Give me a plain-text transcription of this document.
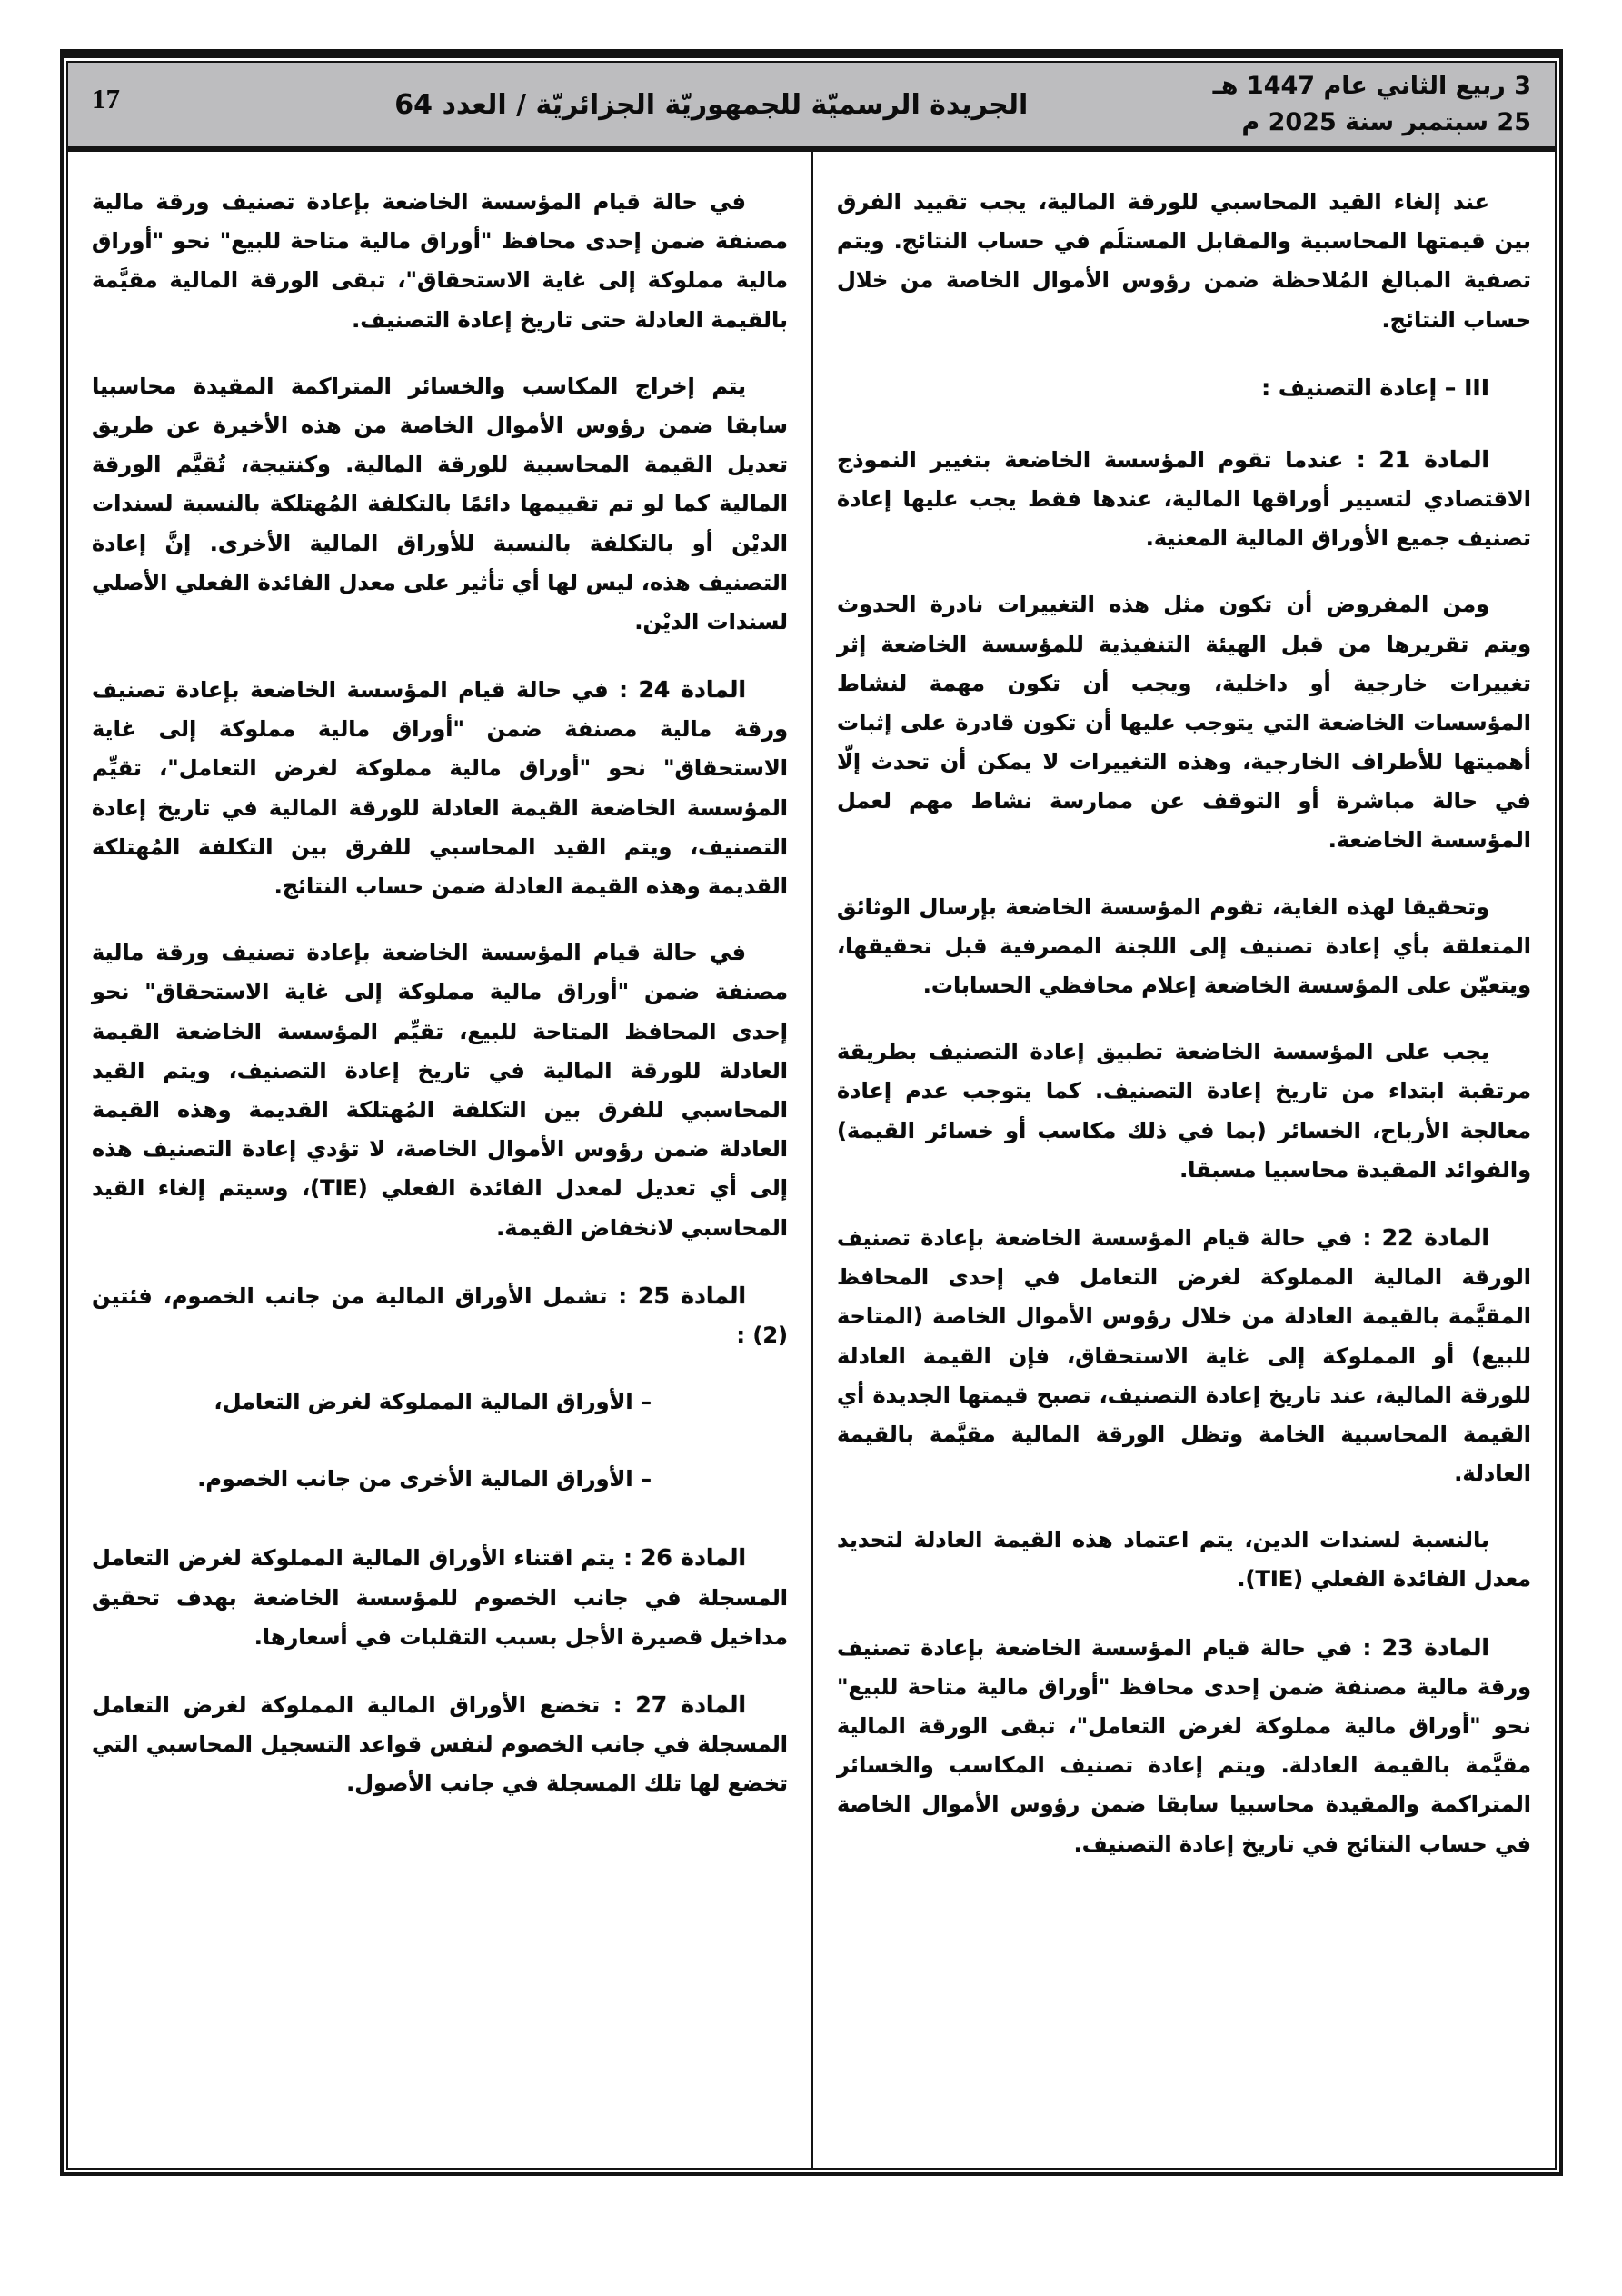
3 ربيع الثاني عام 1447 هـ
25 سبتمبر سنة 2025 م
الجريدة الرسميّة للجمهوريّة الجزائريّة / العدد 64
17

عند إلغاء القيد المحاسبي للورقة المالية، يجب تقييد الفرق بين قيمتها المحاسبية والمقابل المستلَم في حساب النتائج. ويتم تصفية المبالغ المُلاحظة ضمن رؤوس الأموال الخاصة من خلال حساب النتائج.

III – إعادة التصنيف :

المادة 21 : عندما تقوم المؤسسة الخاضعة بتغيير النموذج الاقتصادي لتسيير أوراقها المالية، عندها فقط يجب عليها إعادة تصنيف جميع الأوراق المالية المعنية.

ومن المفروض أن تكون مثل هذه التغييرات نادرة الحدوث ويتم تقريرها من قبل الهيئة التنفيذية للمؤسسة الخاضعة إثر تغييرات خارجية أو داخلية، ويجب أن تكون مهمة لنشاط المؤسسات الخاضعة التي يتوجب عليها أن تكون قادرة على إثبات أهميتها للأطراف الخارجية، وهذه التغييرات لا يمكن أن تحدث إلّا في حالة مباشرة أو التوقف عن ممارسة نشاط مهم لعمل المؤسسة الخاضعة.

وتحقيقا لهذه الغاية، تقوم المؤسسة الخاضعة بإرسال الوثائق المتعلقة بأي إعادة تصنيف إلى اللجنة المصرفية قبل تحقيقها، ويتعيّن على المؤسسة الخاضعة إعلام محافظي الحسابات.

يجب على المؤسسة الخاضعة تطبيق إعادة التصنيف بطريقة مرتقبة ابتداء من تاريخ إعادة التصنيف. كما يتوجب عدم إعادة معالجة الأرباح، الخسائر (بما في ذلك مكاسب أو خسائر القيمة) والفوائد المقيدة محاسبيا مسبقا.

المادة 22 : في حالة قيام المؤسسة الخاضعة بإعادة تصنيف الورقة المالية المملوكة لغرض التعامل في إحدى المحافظ المقيَّمة بالقيمة العادلة من خلال رؤوس الأموال الخاصة (المتاحة للبيع) أو المملوكة إلى غاية الاستحقاق، فإن القيمة العادلة للورقة المالية، عند تاريخ إعادة التصنيف، تصبح قيمتها الجديدة أي القيمة المحاسبية الخامة وتظل الورقة المالية مقيَّمة بالقيمة العادلة.

بالنسبة لسندات الدين، يتم اعتماد هذه القيمة العادلة لتحديد معدل الفائدة الفعلي (TIE).

المادة 23 : في حالة قيام المؤسسة الخاضعة بإعادة تصنيف ورقة مالية مصنفة ضمن إحدى محافظ "أوراق مالية متاحة للبيع" نحو "أوراق مالية مملوكة لغرض التعامل"، تبقى الورقة المالية مقيَّمة بالقيمة العادلة. ويتم إعادة تصنيف المكاسب والخسائر المتراكمة والمقيدة محاسبيا سابقا ضمن رؤوس الأموال الخاصة في حساب النتائج في تاريخ إعادة التصنيف.

في حالة قيام المؤسسة الخاضعة بإعادة تصنيف ورقة مالية مصنفة ضمن إحدى محافظ "أوراق مالية متاحة للبيع" نحو "أوراق مالية مملوكة إلى غاية الاستحقاق"، تبقى الورقة المالية مقيَّمة بالقيمة العادلة حتى تاريخ إعادة التصنيف.

يتم إخراج المكاسب والخسائر المتراكمة المقيدة محاسبيا سابقا ضمن رؤوس الأموال الخاصة من هذه الأخيرة عن طريق تعديل القيمة المحاسبية للورقة المالية. وكنتيجة، تُقيَّم الورقة المالية كما لو تم تقييمها دائمًا بالتكلفة المُهتلكة بالنسبة لسندات الديْن أو بالتكلفة بالنسبة للأوراق المالية الأخرى. إنَّ إعادة التصنيف هذه، ليس لها أي تأثير على معدل الفائدة الفعلي الأصلي لسندات الديْن.

المادة 24 : في حالة قيام المؤسسة الخاضعة بإعادة تصنيف ورقة مالية مصنفة ضمن "أوراق مالية مملوكة إلى غاية الاستحقاق" نحو "أوراق مالية مملوكة لغرض التعامل"، تقيِّم المؤسسة الخاضعة القيمة العادلة للورقة المالية في تاريخ إعادة التصنيف، ويتم القيد المحاسبي للفرق بين التكلفة المُهتلكة القديمة وهذه القيمة العادلة ضمن حساب النتائج.

في حالة قيام المؤسسة الخاضعة بإعادة تصنيف ورقة مالية مصنفة ضمن "أوراق مالية مملوكة إلى غاية الاستحقاق" نحو إحدى المحافظ المتاحة للبيع، تقيِّم المؤسسة الخاضعة القيمة العادلة للورقة المالية في تاريخ إعادة التصنيف، ويتم القيد المحاسبي للفرق بين التكلفة المُهتلكة القديمة وهذه القيمة العادلة ضمن رؤوس الأموال الخاصة، لا تؤدي إعادة التصنيف هذه إلى أي تعديل لمعدل الفائدة الفعلي (TIE)، وسيتم إلغاء القيد المحاسبي لانخفاض القيمة.

المادة 25 : تشمل الأوراق المالية من جانب الخصوم، فئتين (2) :

– الأوراق المالية المملوكة لغرض التعامل،

– الأوراق المالية الأخرى من جانب الخصوم.

المادة 26 : يتم اقتناء الأوراق المالية المملوكة لغرض التعامل المسجلة في جانب الخصوم للمؤسسة الخاضعة بهدف تحقيق مداخيل قصيرة الأجل بسبب التقلبات في أسعارها.

المادة 27 : تخضع الأوراق المالية المملوكة لغرض التعامل المسجلة في جانب الخصوم لنفس قواعد التسجيل المحاسبي التي تخضع لها تلك المسجلة في جانب الأصول.
